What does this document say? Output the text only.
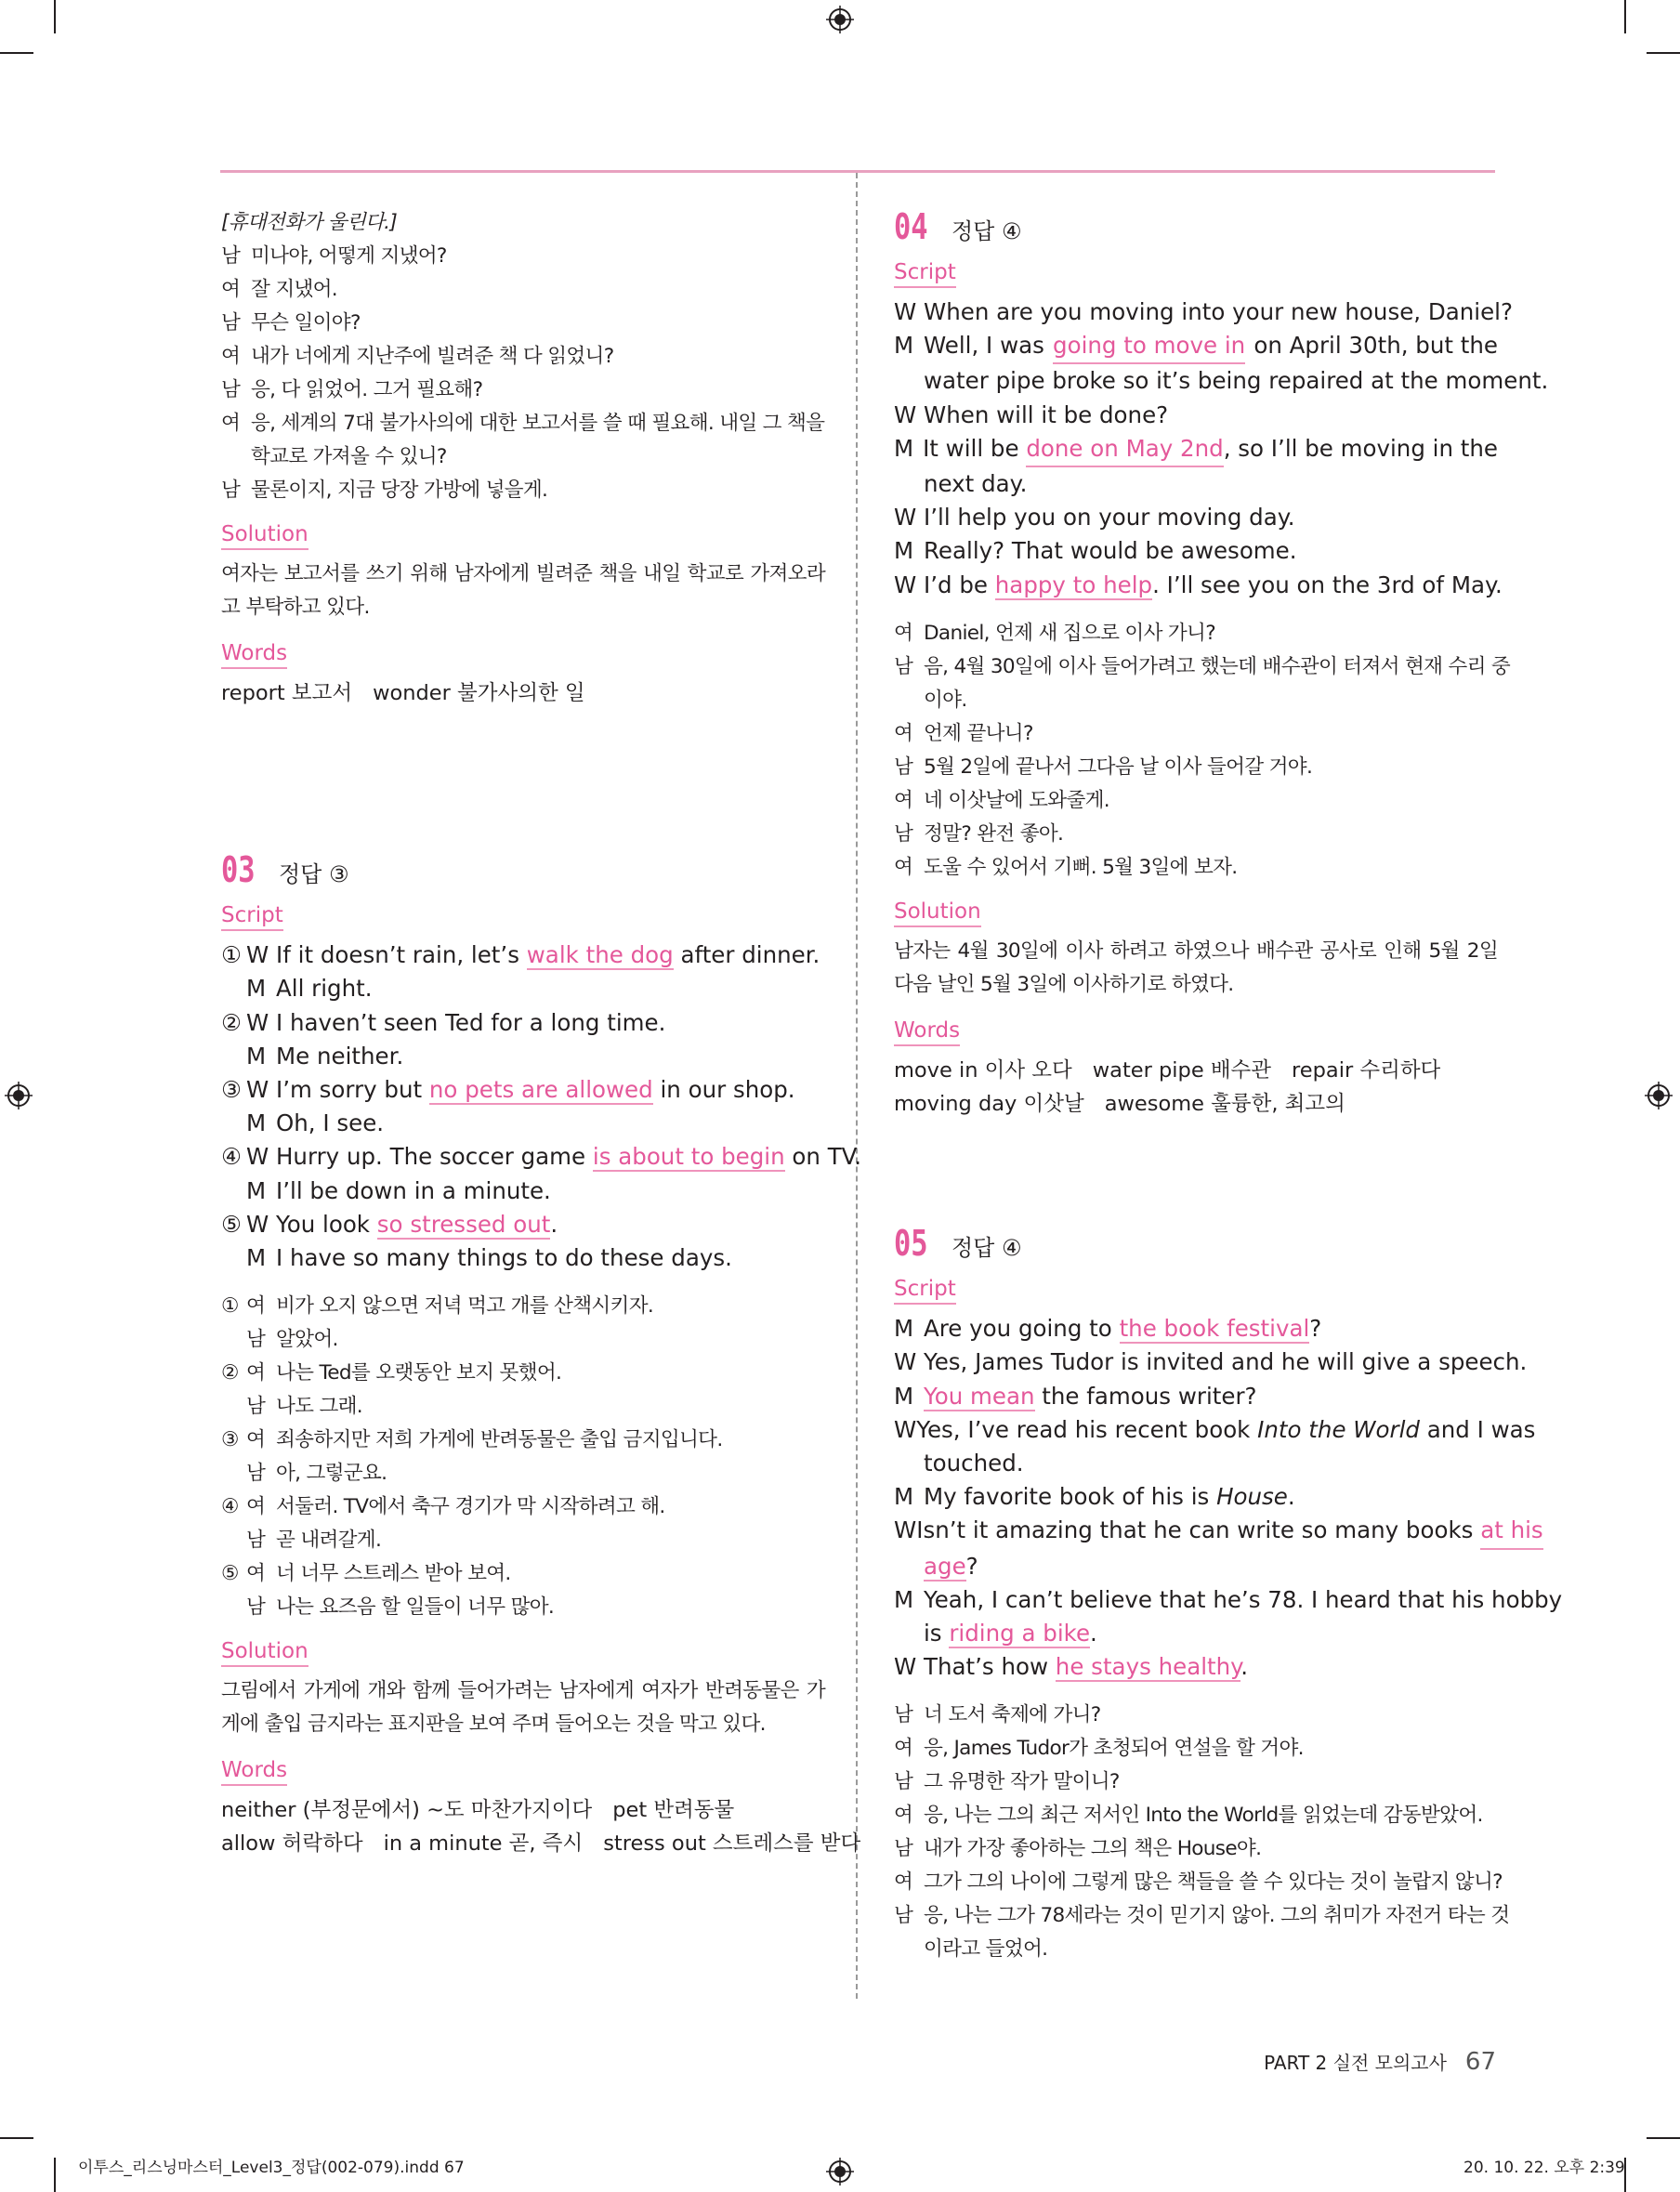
[휴대전화가 울린다.]
남 미나야, 어떻게 지냈어?
여 잘 지냈어.
남 무슨 일이야?
여 내가 너에게 지난주에 빌려준 책 다 읽었니?
남 응, 다 읽었어. 그거 필요해?
여 응, 세계의 7대 불가사의에 대한 보고서를 쓸 때 필요해. 내일 그 책을
학교로 가져올 수 있니?
남 물론이지, 지금 당장 가방에 넣을게.
Solution
여자는 보고서를 쓰기 위해 남자에게 빌려준 책을 내일 학교로 가져오라고 부탁하고 있다.
Words
report 보고서 wonder 불가사의한 일
03	정답 ③
Script
① W If it doesn’t rain, let’s walk the dog after dinner.
M All right.
② W I haven’t seen Ted for a long time.
M Me neither.
③ W I’m sorry but no pets are allowed in our shop.
M Oh, I see.
④ W Hurry up. The soccer game is about to begin on TV.
M I’ll be down in a minute.
⑤ W You look so stressed out.
M I have so many things to do these days.
① 여 비가 오지 않으면 저녁 먹고 개를 산책시키자.
남 알았어.
② 여 나는 Ted를 오랫동안 보지 못했어.
남 나도 그래.
③ 여 죄송하지만 저희 가게에 반려동물은 출입 금지입니다.
남 아, 그렇군요.
④ 여 서둘러. TV에서 축구 경기가 막 시작하려고 해.
남 곧 내려갈게.
⑤ 여 너 너무 스트레스 받아 보여.
남 나는 요즈음 할 일들이 너무 많아.
Solution
그림에서 가게에 개와 함께 들어가려는 남자에게 여자가 반려동물은 가게에 출입 금지라는 표지판을 보여 주며 들어오는 것을 막고 있다.
Words
neither (부정문에서) ~도 마찬가지이다 pet 반려동물
allow 허락하다 in a minute 곧, 즉시 stress out 스트레스를 받다
04	정답 ④
Script
W When are you moving into your new house, Daniel?
M Well, I was going to move in on April 30th, but the
water pipe broke so it’s being repaired at the moment.
W When will it be done?
M It will be done on May 2nd , so I’ll be moving in the
next day.
W I’ll help you on your moving day.
M Really? That would be awesome.
W I’d be happy to help. I’ll see you on the 3rd of May.
여 Daniel, 언제 새 집으로 이사 가니?
남 음, 4월 30일에 이사 들어가려고 했는데 배수관이 터져서 현재 수리 중
이야.
여 언제 끝나니?
남 5월 2일에 끝나서 그다음 날 이사 들어갈 거야.
여 네 이삿날에 도와줄게.
남 정말? 완전 좋아.
여 도울 수 있어서 기뻐. 5월 3일에 보자.
Solution
남자는 4월 30일에 이사 하려고 하였으나 배수관 공사로 인해 5월 2일 다음 날인 5월 3일에 이사하기로 하였다.
Words
move in 이사 오다 water pipe 배수관 repair 수리하다
moving day 이삿날 awesome 훌륭한, 최고의
05	정답 ④
Script
M Are you going to the book festival?
W Yes, James Tudor is invited and he will give a speech.
M You mean the famous writer?
W Yes, I’ve read his recent book Into the World and I was
touched.
M My favorite book of his is House.
W Isn’t it amazing that he can write so many books at his
age?
M Yeah, I can’t believe that he’s 78. I heard that his hobby
is riding a bike.
W That’s how he stays healthy.
남 너 도서 축제에 가니?
여 응, James Tudor가 초청되어 연설을 할 거야.
남 그 유명한 작가 말이니?
여 응, 나는 그의 최근 저서인 Into the World를 읽었는데 감동받았어.
남 내가 가장 좋아하는 그의 책은 House야.
여 그가 그의 나이에 그렇게 많은 책들을 쓸 수 있다는 것이 놀랍지 않니?
남 응, 나는 그가 78세라는 것이 믿기지 않아. 그의 취미가 자전거 타는 것
이라고 들었어.
PART 2 실전 모의고사 67
이투스_리스닝마스터_Level3_정답(002-079).indd 67	20. 10. 22. 오후 2:39
